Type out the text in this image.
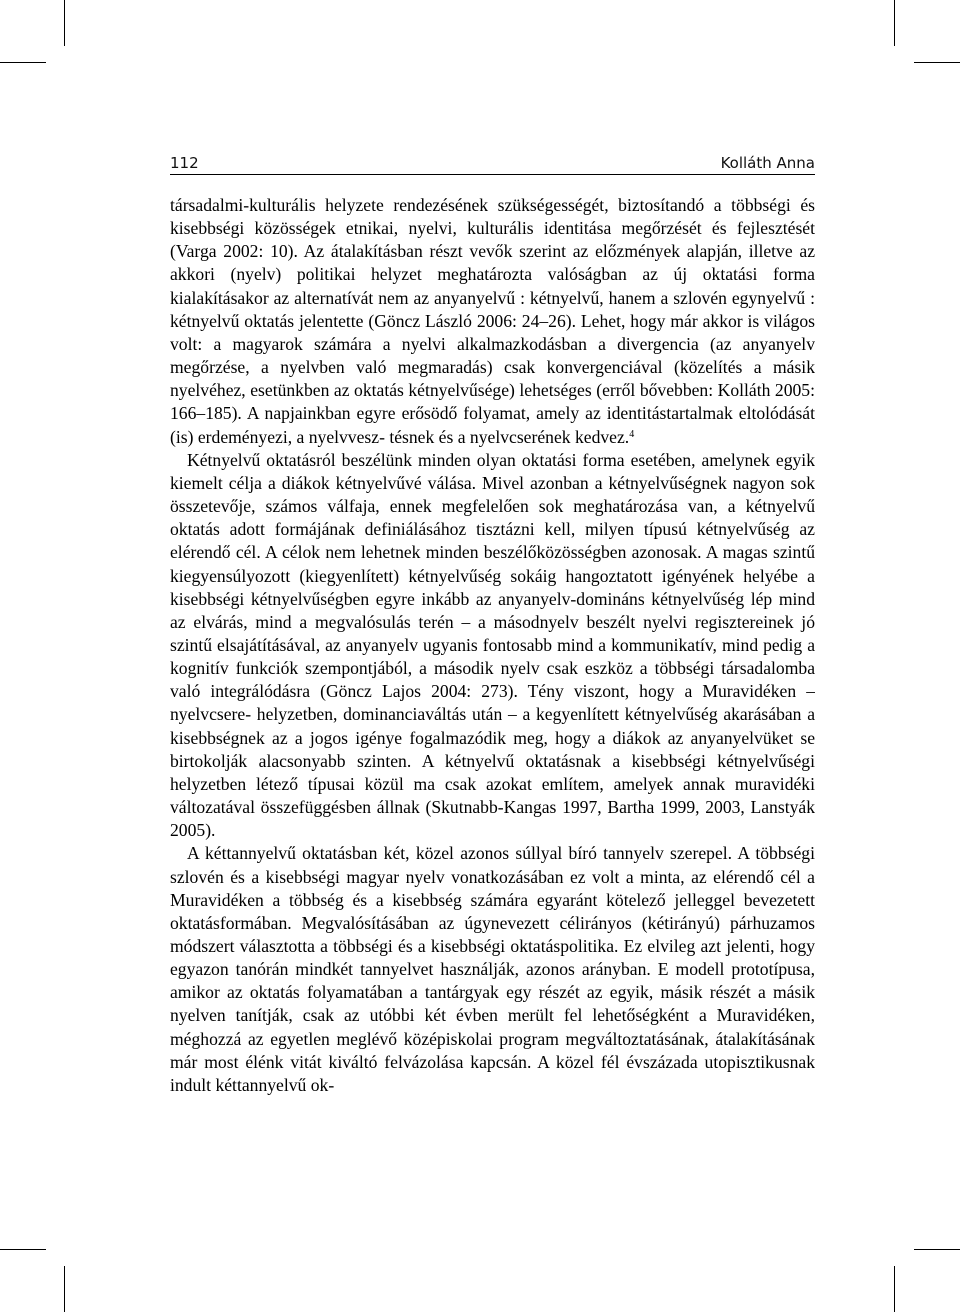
112	Kolláth Anna

társadalmi-kulturális helyzete rendezésének szükségességét, biztosítandó a többségi és kisebbségi közösségek etnikai, nyelvi, kulturális identitása megőrzését és fejlesztését (Varga 2002: 10). Az átalakításban részt vevők szerint az előzmények alapján, illetve az akkori (nyelv) politikai helyzet meghatározta valóságban az új oktatási forma kialakításakor az alternatívát nem az anyanyelvű : kétnyelvű, hanem a szlovén egynyelvű : kétnyelvű oktatás jelentette (Göncz László 2006: 24–26). Lehet, hogy már akkor is világos volt: a magyarok számára a nyelvi alkalmazkodásban a divergencia (az anyanyelv megőrzése, a nyelvben való megmaradás) csak konvergenciával (közelítés a másik nyelvéhez, esetünkben az oktatás kétnyelvűsége) lehetséges (erről bővebben: Kolláth 2005: 166–185). A napjainkban egyre erősödő folyamat, amely az identitástartalmak eltolódását (is) erdeményezi, a nyelvvesz- tésnek és a nyelvcserének kedvez.$^4$

Kétnyelvű oktatásról beszélünk minden olyan oktatási forma esetében, amelynek egyik kiemelt célja a diákok kétnyelvűvé válása. Mivel azonban a kétnyelvűségnek nagyon sok összetevője, számos válfaja, ennek megfelelően sok meghatározása van, a kétnyelvű oktatás adott formájának definiálásához tisztázni kell, milyen típusú kétnyelvűség az elérendő cél. A célok nem lehetnek minden beszélőközösségben azonosak. A magas szintű kiegyensúlyozott (kiegyenlített) kétnyelvűség sokáig hangoztatott igényének helyébe a kisebbségi kétnyelvűségben egyre inkább az anyanyelv-domináns kétnyelvűség lép mind az elvárás, mind a megvalósulás terén – a másodnyelv beszélt nyelvi regisztereinek jó szintű elsajátításával, az anyanyelv ugyanis fontosabb mind a kommunikatív, mind pedig a kognitív funkciók szempontjából, a második nyelv csak eszköz a többségi társadalomba való integrálódásra (Göncz Lajos 2004: 273). Tény viszont, hogy a Muravidéken – nyelvcsere- helyzetben, dominanciaváltás után – a kegyenlített kétnyelvűség akarásában a kisebbségnek az a jogos igénye fogalmazódik meg, hogy a diákok az anyanyelvüket se birtokolják alacsonyabb szinten. A kétnyelvű oktatásnak a kisebbségi kétnyelvűségi helyzetben létező típusai közül ma csak azokat említem, amelyek annak muravidéki változatával összefüggésben állnak (Skutnabb-Kangas 1997, Bartha 1999, 2003, Lanstyák 2005).

A kéttannyelvű oktatásban két, közel azonos súllyal bíró tannyelv szerepel. A többségi szlovén és a kisebbségi magyar nyelv vonatkozásában ez volt a minta, az elérendő cél a Muravidéken a többség és a kisebbség számára egyaránt kötelező jelleggel bevezetett oktatásformában. Megvalósításában az úgynevezett célirányos (kétirányú) párhuzamos módszert választotta a többségi és a kisebbségi oktatáspolitika. Ez elvileg azt jelenti, hogy egyazon tanórán mindkét tannyelvet használják, azonos arányban. E modell prototípusa, amikor az oktatás folyamatában a tantárgyak egy részét az egyik, másik részét a másik nyelven tanítják, csak az utóbbi két évben merült fel lehetőségként a Muravidéken, méghozzá az egyetlen meglévő középiskolai program megváltoztatásának, átalakításának már most élénk vitát kiváltó felvázolása kapcsán. A közel fél évszázada utopisztikusnak indult kéttannyelvű ok-
